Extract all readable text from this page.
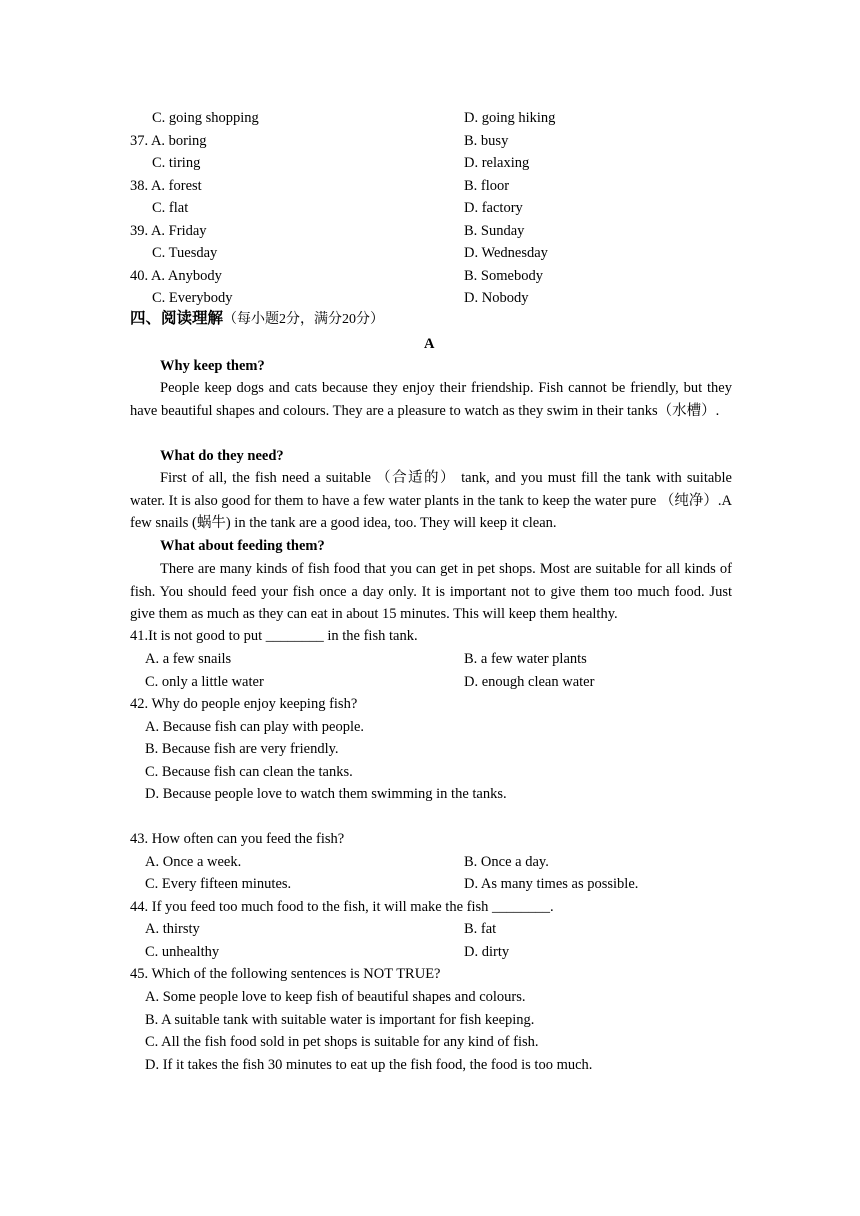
C. going shopping	D. going hiking
37. A. boring	B. busy
C. tiring	D. relaxing
38. A. forest	B. floor
C. flat	D. factory
39. A. Friday	B. Sunday
C. Tuesday	D. Wednesday
40. A. Anybody	B. Somebody
C. Everybody	D. Nobody
四、阅读理解（每小题2分，满分20分）
A
Why keep them?
People keep dogs and cats because they enjoy their friendship. Fish cannot be friendly, but they have beautiful shapes and colours. They are a pleasure to watch as they swim in their tanks（水槽）.
What do they need?
First of all, the fish need a suitable （合适的） tank, and you must fill the tank with suitable water. It is also good for them to have a few water plants in the tank to keep the water pure （纯净）.A few snails (蜗牛) in the tank are a good idea, too. They will keep it clean.
What about feeding them?
There are many kinds of fish food that you can get in pet shops. Most are suitable for all kinds of fish. You should feed your fish once a day only. It is important not to give them too much food. Just give them as much as they can eat in about 15 minutes. This will keep them healthy.
41.It is not good to put ________ in the fish tank.
A. a few snails	B. a few water plants
C. only a little water	D. enough clean water
42. Why do people enjoy keeping fish?
A. Because fish can play with people.
B. Because fish are very friendly.
C. Because fish can clean the tanks.
D. Because people love to watch them swimming in the tanks.
43. How often can you feed the fish?
A. Once a week.	B. Once a day.
C. Every fifteen minutes.	D. As many times as possible.
44. If you feed too much food to the fish, it will make the fish ________.
A. thirsty	B. fat
C. unhealthy	D. dirty
45. Which of the following sentences is NOT TRUE?
A. Some people love to keep fish of beautiful shapes and colours.
B. A suitable tank with suitable water is important for fish keeping.
C. All the fish food sold in pet shops is suitable for any kind of fish.
D. If it takes the fish 30 minutes to eat up the fish food, the food is too much.
